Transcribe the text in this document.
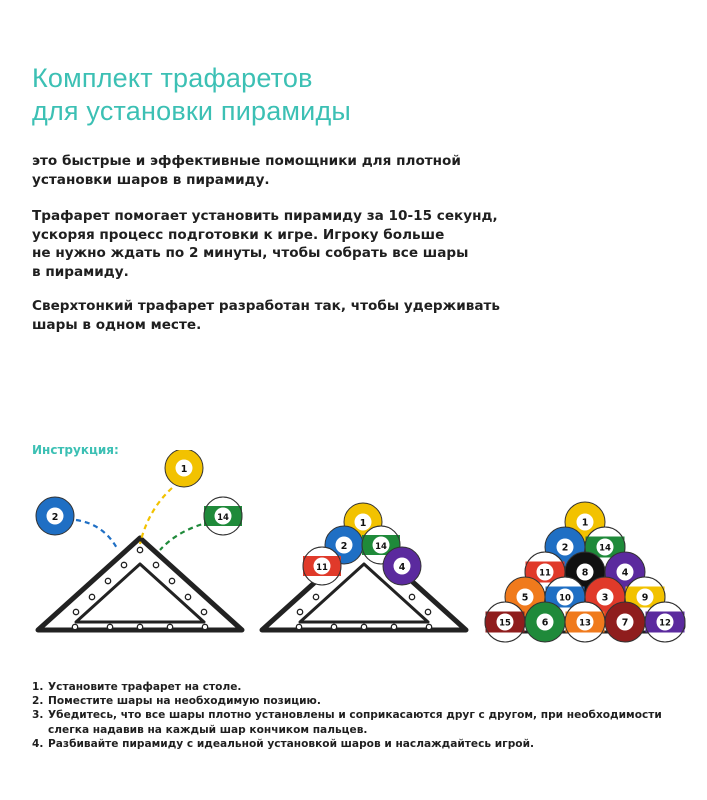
Комплект трафаретов
для установки пирамиды
это быстрые и эффективные помощники для плотной
установки шаров в пирамиду.
Трафарет помогает установить пирамиду за 10-15 секунд,
ускоряя процесс подготовки к игре. Игроку больше
не нужно ждать по 2 минуты, чтобы собрать все шары
в пирамиду.
Сверхтонкий трафарет разработан так, чтобы удерживать
шары в одном месте.
Инструкция:
2
1
14	1
2	14
11	4
1
2	14
11	8	4
5	10	3	9
15	6	13	7	12
1. Установите трафарет на столе.
2. Поместите шары на необходимую позицию.
3. Убедитесь, что все шары плотно установлены и соприкасаются друг с другом, при необходимости
слегка надавив на каждый шар кончиком пальцев.
4. Разбивайте пирамиду с идеальной установкой шаров и наслаждайтесь игрой.
